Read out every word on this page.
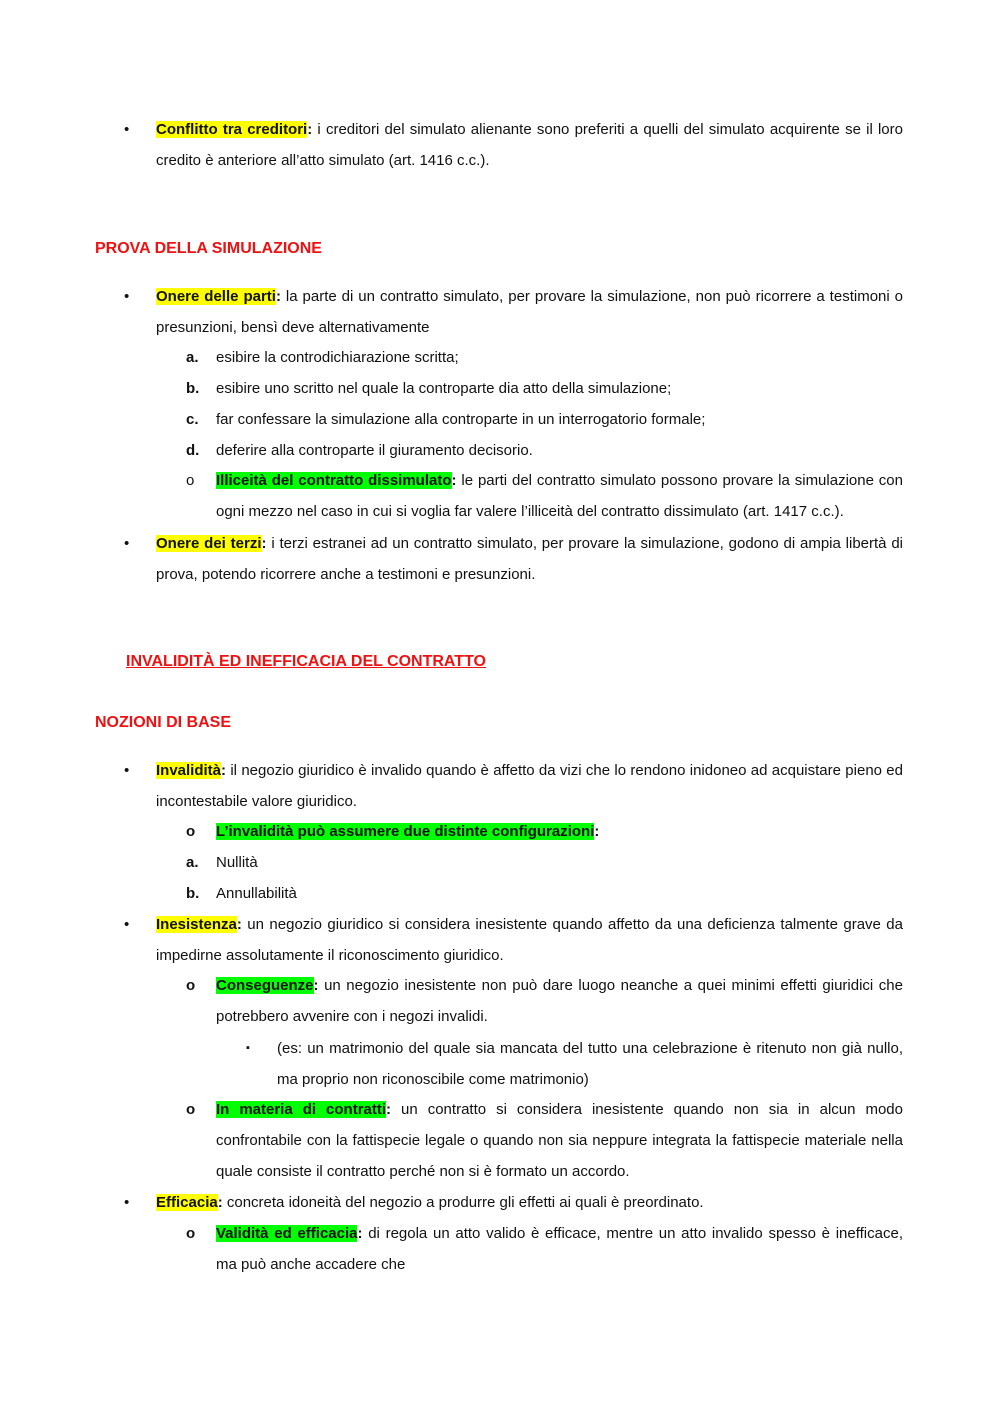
• Conflitto tra creditori: i creditori del simulato alienante sono preferiti a quelli del simulato acquirente se il loro credito è anteriore all’atto simulato (art. 1416 c.c.).
PROVA DELLA SIMULAZIONE
• Onere delle parti: la parte di un contratto simulato, per provare la simulazione, non può ricorrere a testimoni o presunzioni, bensì deve alternativamente
a. esibire la controdichiarazione scritta;
b. esibire uno scritto nel quale la controparte dia atto della simulazione;
c. far confessare la simulazione alla controparte in un interrogatorio formale;
d. deferire alla controparte il giuramento decisorio.
o Illiceità del contratto dissimulato: le parti del contratto simulato possono provare la simulazione con ogni mezzo nel caso in cui si voglia far valere l’illiceità del contratto dissimulato (art. 1417 c.c.).
• Onere dei terzi: i terzi estranei ad un contratto simulato, per provare la simulazione, godono di ampia libertà di prova, potendo ricorrere anche a testimoni e presunzioni.
INVALIDITÀ ED INEFFICACIA DEL CONTRATTO
NOZIONI DI BASE
• Invalidità: il negozio giuridico è invalido quando è affetto da vizi che lo rendono inidoneo ad acquistare pieno ed incontestabile valore giuridico.
o L’invalidità può assumere due distinte configurazioni:
a. Nullità
b. Annullabilità
• Inesistenza: un negozio giuridico si considera inesistente quando affetto da una deficienza talmente grave da impedirne assolutamente il riconoscimento giuridico.
o Conseguenze: un negozio inesistente non può dare luogo neanche a quei minimi effetti giuridici che potrebbero avvenire con i negozi invalidi.
▪ (es: un matrimonio del quale sia mancata del tutto una celebrazione è ritenuto non già nullo, ma proprio non riconoscibile come matrimonio)
o In materia di contratti: un contratto si considera inesistente quando non sia in alcun modo confrontabile con la fattispecie legale o quando non sia neppure integrata la fattispecie materiale nella quale consiste il contratto perché non si è formato un accordo.
• Efficacia: concreta idoneità del negozio a produrre gli effetti ai quali è preordinato.
o Validità ed efficacia: di regola un atto valido è efficace, mentre un atto invalido spesso è inefficace, ma può anche accadere che
